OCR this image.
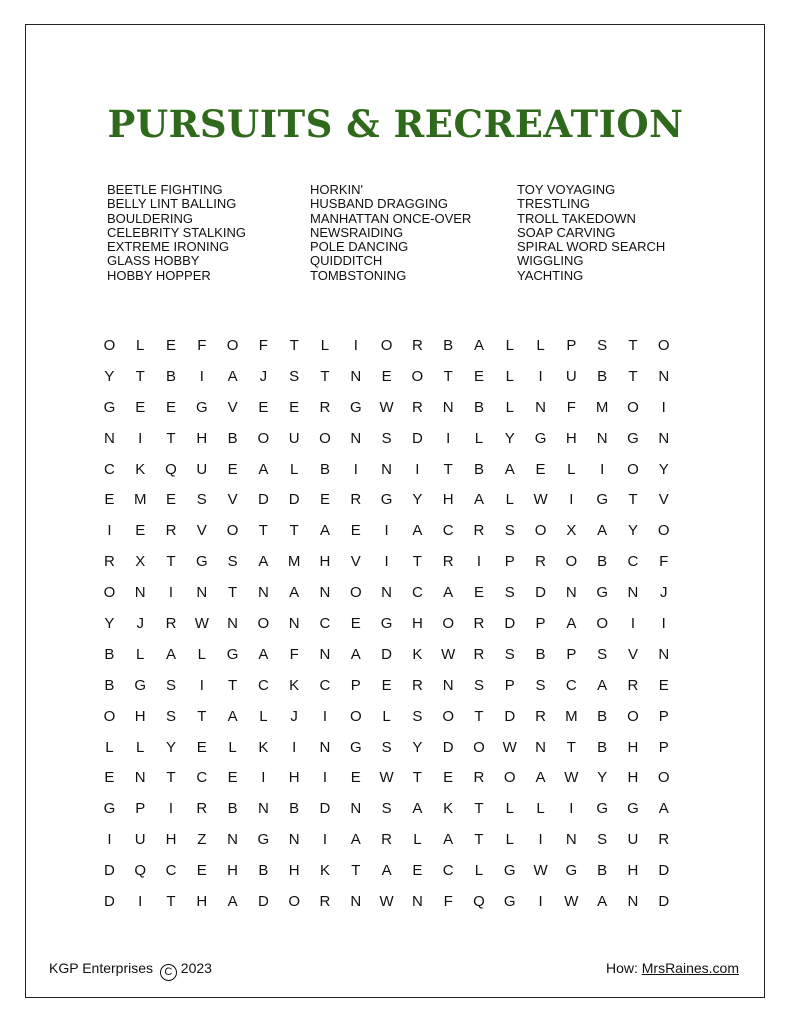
PURSUITS & RECREATION
BEETLE FIGHTING
BELLY LINT BALLING
BOULDERING
CELEBRITY STALKING
EXTREME IRONING
GLASS HOBBY
HOBBY HOPPER
HORKIN'
HUSBAND DRAGGING
MANHATTAN ONCE-OVER
NEWSRAIDING
POLE DANCING
QUIDDITCH
TOMBSTONING
TOY VOYAGING
TRESTLING
TROLL TAKEDOWN
SOAP CARVING
SPIRAL WORD SEARCH
WIGGLING
YACHTING
O	L	E	F	O	F	T	L	I	O	R	B	A	L	L	P	S	T	O
Y	T	B	I	A	J	S	T	N	E	O	T	E	L	I	U	B	T	N
G	E	E	G	V	E	E	R	G	W	R	N	B	L	N	F	M	O	I
N	I	T	H	B	O	U	O	N	S	D	I	L	Y	G	H	N	G	N
C	K	Q	U	E	A	L	B	I	N	I	T	B	A	E	L	I	O	Y
E	M	E	S	V	D	D	E	R	G	Y	H	A	L	W	I	G	T	V
I	E	R	V	O	T	T	A	E	I	A	C	R	S	O	X	A	Y	O
R	X	T	G	S	A	M	H	V	I	T	R	I	P	R	O	B	C	F
O	N	I	N	T	N	A	N	O	N	C	A	E	S	D	N	G	N	J
Y	J	R	W	N	O	N	C	E	G	H	O	R	D	P	A	O	I	I
B	L	A	L	G	A	F	N	A	D	K	W	R	S	B	P	S	V	N
B	G	S	I	T	C	K	C	P	E	R	N	S	P	S	C	A	R	E
O	H	S	T	A	L	J	I	O	L	S	O	T	D	R	M	B	O	P
L	L	Y	E	L	K	I	N	G	S	Y	D	O	W	N	T	B	H	P
E	N	T	C	E	I	H	I	E	W	T	E	R	O	A	W	Y	H	O
G	P	I	R	B	N	B	D	N	S	A	K	T	L	L	I	G	G	A
I	U	H	Z	N	G	N	I	A	R	L	A	T	L	I	N	S	U	R
D	Q	C	E	H	B	H	K	T	A	E	C	L	G	W	G	B	H	D
D	I	T	H	A	D	O	R	N	W	N	F	Q	G	I	W	A	N	D
KGP Enterprises C 2023	How: MrsRaines.com
